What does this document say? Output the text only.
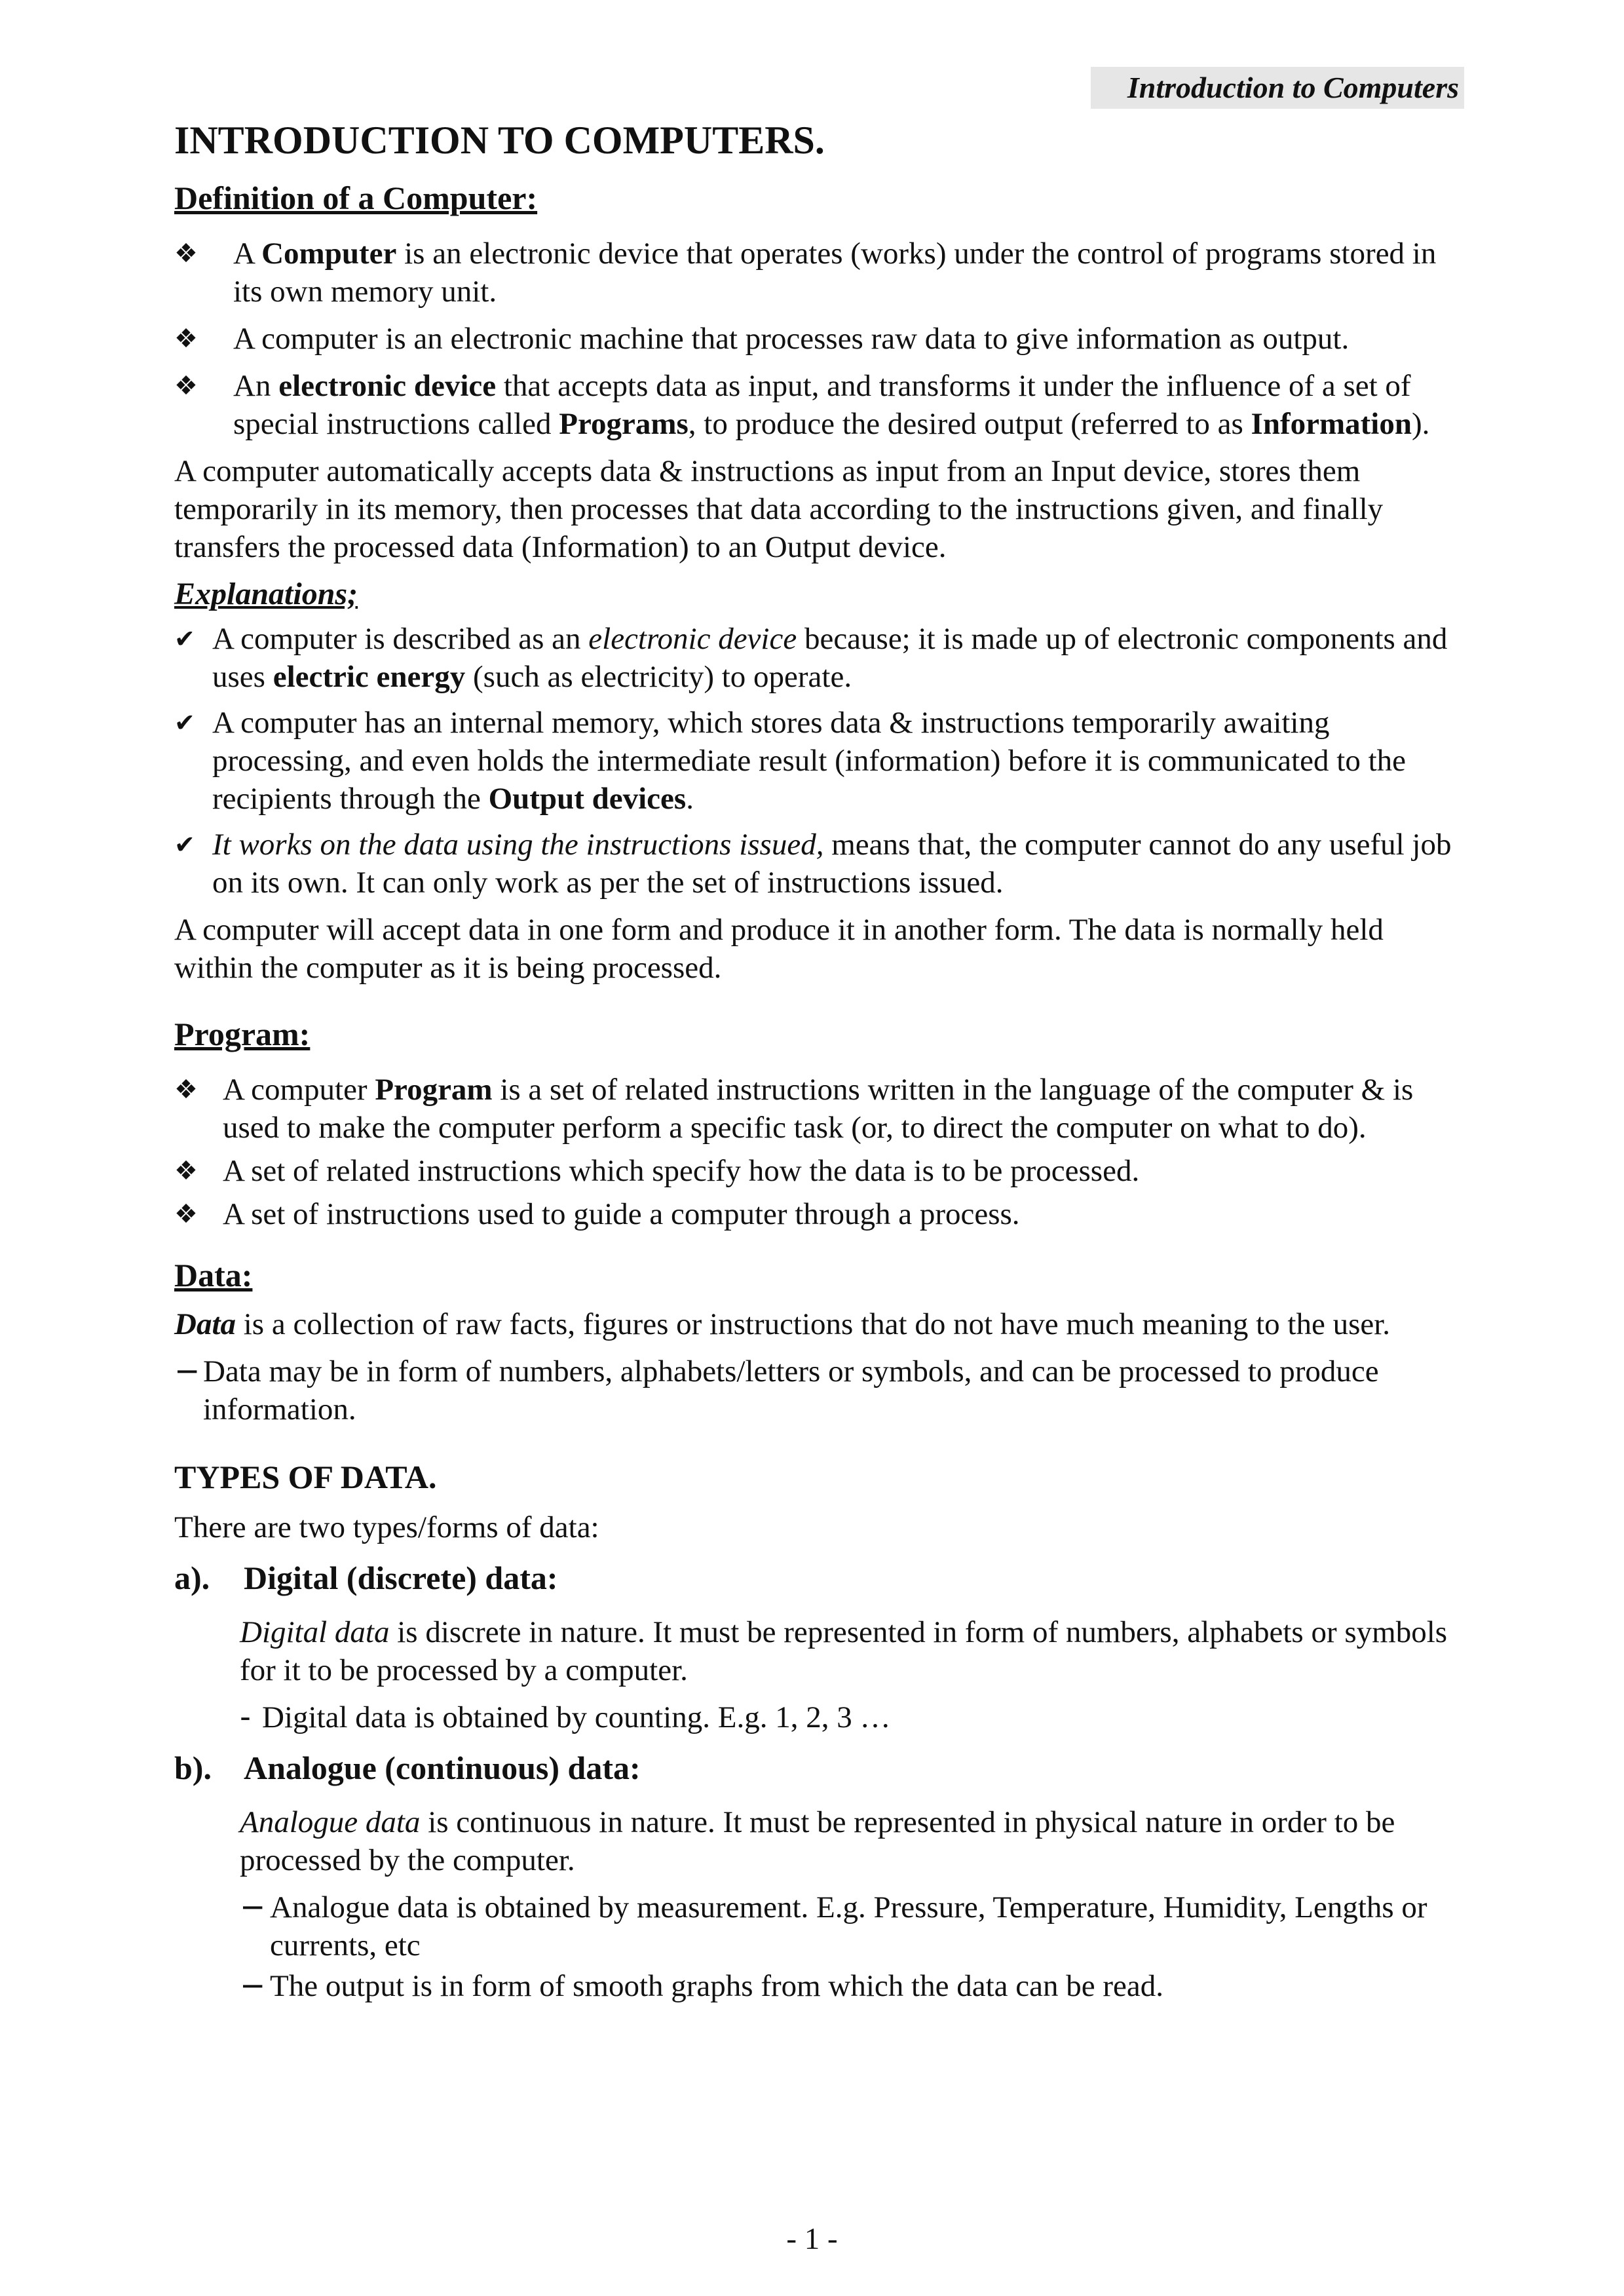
Introduction to Computers
INTRODUCTION TO COMPUTERS.
Definition of a Computer:
❖ A Computer is an electronic device that operates (works) under the control of programs stored in its own memory unit.
❖ A computer is an electronic machine that processes raw data to give information as output.
❖ An electronic device that accepts data as input, and transforms it under the influence of a set of special instructions called Programs, to produce the desired output (referred to as Information).

A computer automatically accepts data & instructions as input from an Input device, stores them temporarily in its memory, then processes that data according to the instructions given, and finally transfers the processed data (Information) to an Output device.

Explanations;
✔ A computer is described as an electronic device because; it is made up of electronic components and uses electric energy (such as electricity) to operate.
✔ A computer has an internal memory, which stores data & instructions temporarily awaiting processing, and even holds the intermediate result (information) before it is communicated to the recipients through the Output devices.
✔ It works on the data using the instructions issued, means that, the computer cannot do any useful job on its own. It can only work as per the set of instructions issued.

A computer will accept data in one form and produce it in another form. The data is normally held within the computer as it is being processed.

Program:
❖ A computer Program is a set of related instructions written in the language of the computer & is used to make the computer perform a specific task (or, to direct the computer on what to do).
❖ A set of related instructions which specify how the data is to be processed.
❖ A set of instructions used to guide a computer through a process.
Data:

Data is a collection of raw facts, figures or instructions that do not have much meaning to the user.

− Data may be in form of numbers, alphabets/letters or symbols, and can be processed to produce information.
TYPES OF DATA.

There are two types/forms of data:

a). Digital (discrete) data:

Digital data is discrete in nature. It must be represented in form of numbers, alphabets or symbols for it to be processed by a computer.

- Digital data is obtained by counting. E.g. 1, 2, 3 …
b). Analogue (continuous) data:

Analogue data is continuous in nature. It must be represented in physical nature in order to be processed by the computer.

− Analogue data is obtained by measurement. E.g. Pressure, Temperature, Humidity, Lengths or currents, etc
− The output is in form of smooth graphs from which the data can be read.
- 1 -
